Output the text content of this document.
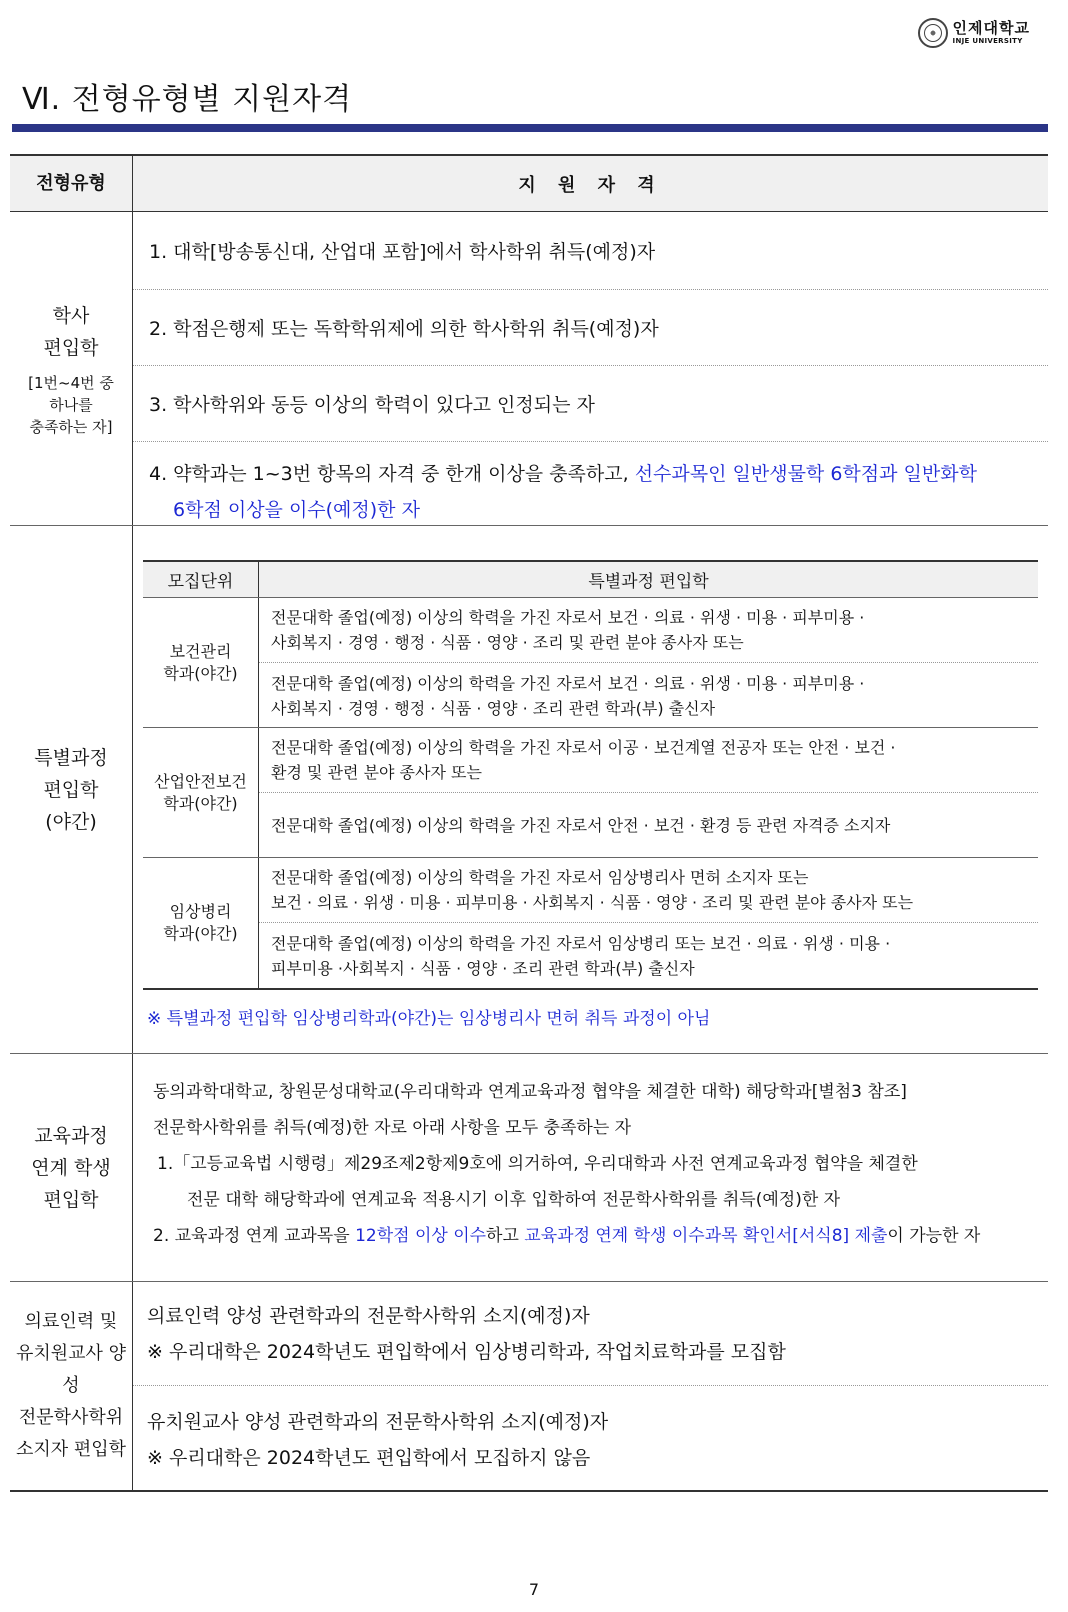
인제대학교
INJE UNIVERSITY
Ⅵ. 전형유형별 지원자격
전형유형	지 원 자 격
학사
편입학
[1번~4번 중
하나를
충족하는 자]
1. 대학[방송통신대, 산업대 포함]에서 학사학위 취득(예정)자
2. 학점은행제 또는 독학학위제에 의한 학사학위 취득(예정)자
3. 학사학위와 동등 이상의 학력이 있다고 인정되는 자
4. 약학과는 1~3번 항목의 자격 중 한개 이상을 충족하고, 선수과목인 일반생물학 6학점과 일반화학
6학점 이상을 이수(예정)한 자
특별과정
편입학
(야간)
모집단위	특별과정 편입학
보건관리
학과(야간)
전문대학 졸업(예정) 이상의 학력을 가진 자로서 보건 · 의료 · 위생 · 미용 · 피부미용 ·
사회복지 · 경영 · 행정 · 식품 · 영양 · 조리 및 관련 분야 종사자 또는
전문대학 졸업(예정) 이상의 학력을 가진 자로서 보건 · 의료 · 위생 · 미용 · 피부미용 ·
사회복지 · 경영 · 행정 · 식품 · 영양 · 조리 관련 학과(부) 출신자
산업안전보건
학과(야간)
전문대학 졸업(예정) 이상의 학력을 가진 자로서 이공 · 보건계열 전공자 또는 안전 · 보건 ·
환경 및 관련 분야 종사자 또는
전문대학 졸업(예정) 이상의 학력을 가진 자로서 안전 · 보건 · 환경 등 관련 자격증 소지자
임상병리
학과(야간)
전문대학 졸업(예정) 이상의 학력을 가진 자로서 임상병리사 면허 소지자 또는
보건 · 의료 · 위생 · 미용 · 피부미용 · 사회복지 · 식품 · 영양 · 조리 및 관련 분야 종사자 또는
전문대학 졸업(예정) 이상의 학력을 가진 자로서 임상병리 또는 보건 · 의료 · 위생 · 미용 ·
피부미용 ·사회복지 · 식품 · 영양 · 조리 관련 학과(부) 출신자
※ 특별과정 편입학 임상병리학과(야간)는 임상병리사 면허 취득 과정이 아님
교육과정
연계 학생
편입학

동의과학대학교, 창원문성대학교(우리대학과 연계교육과정 협약을 체결한 대학) 해당학과[별첨3 참조]

전문학사학위를 취득(예정)한 자로 아래 사항을 모두 충족하는 자

1.「고등교육법 시행령」제29조제2항제9호에 의거하여, 우리대학과 사전 연계교육과정 협약을 체결한

전문 대학 해당학과에 연계교육 적용시기 이후 입학하여 전문학사학위를 취득(예정)한 자

2. 교육과정 연계 교과목을 12학점 이상 이수하고 교육과정 연계 학생 이수과목 확인서[서식8] 제출이 가능한 자

의료인력 및
유치원교사 양성
전문학사학위
소지자 편입학
의료인력 양성 관련학과의 전문학사학위 소지(예정)자
※ 우리대학은 2024학년도 편입학에서 임상병리학과, 작업치료학과를 모집함
유치원교사 양성 관련학과의 전문학사학위 소지(예정)자
※ 우리대학은 2024학년도 편입학에서 모집하지 않음
7
